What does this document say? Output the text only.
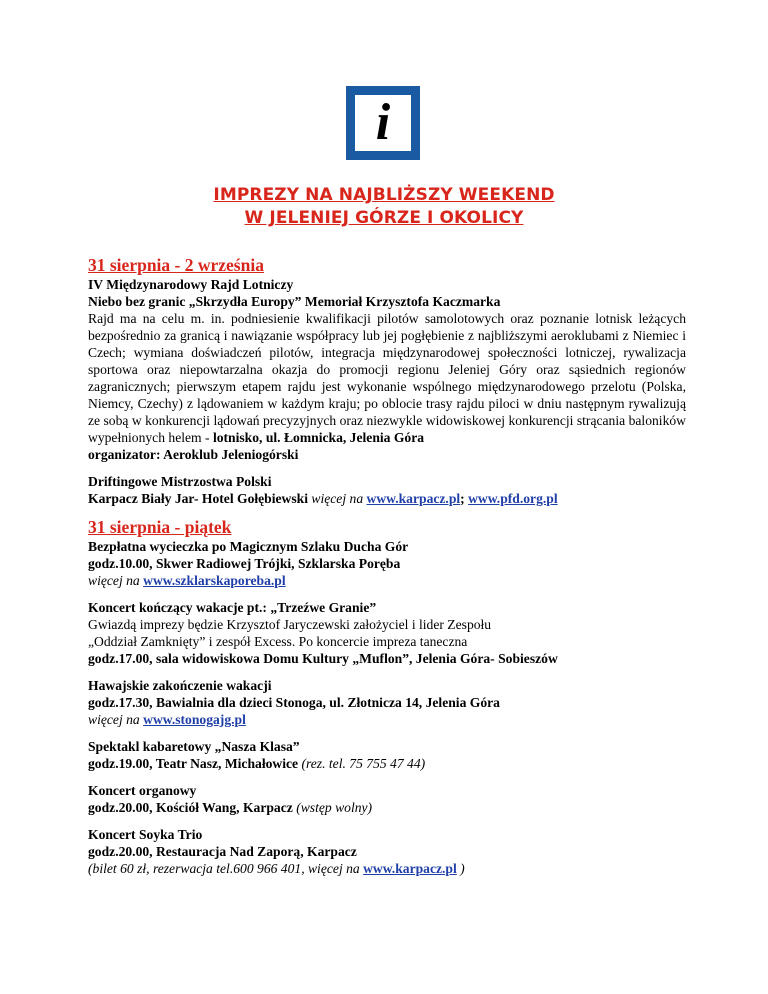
i
IMPREZY NA NAJBLIŻSZY WEEKEND
W JELENIEJ GÓRZE I OKOLICY
31 sierpnia - 2 września

IV Międzynarodowy Rajd Lotniczy

Niebo bez granic „Skrzydła Europy” Memoriał Krzysztofa Kaczmarka

Rajd ma na celu m. in. podniesienie kwalifikacji pilotów samolotowych oraz poznanie lotnisk leżących bezpośrednio za granicą i nawiązanie współpracy lub jej pogłębienie z najbliższymi aeroklubami z Niemiec i Czech; wymiana doświadczeń pilotów, integracja międzynarodowej społeczności lotniczej, rywalizacja sportowa oraz niepowtarzalna okazja do promocji regionu Jeleniej Góry oraz sąsiednich regionów zagranicznych; pierwszym etapem rajdu jest wykonanie wspólnego międzynarodowego przelotu (Polska, Niemcy, Czechy) z lądowaniem w każdym kraju; po oblocie trasy rajdu piloci w dniu następnym rywalizują ze sobą w konkurencji lądowań precyzyjnych oraz niezwykle widowiskowej konkurencji strącania baloników wypełnionych helem - lotnisko, ul. Łomnicka, Jelenia Góra

organizator: Aeroklub Jeleniogórski

Driftingowe Mistrzostwa Polski

Karpacz Biały Jar- Hotel Gołębiewski więcej na www.karpacz.pl; www.pfd.org.pl

31 sierpnia - piątek

Bezpłatna wycieczka po Magicznym Szlaku Ducha Gór

godz.10.00, Skwer Radiowej Trójki, Szklarska Poręba

więcej na www.szklarskaporeba.pl

Koncert kończący wakacje pt.: „Trzeźwe Granie”

Gwiazdą imprezy będzie Krzysztof Jaryczewski założyciel i lider Zespołu

„Oddział Zamknięty” i zespół Excess. Po koncercie impreza taneczna

godz.17.00, sala widowiskowa Domu Kultury „Muflon”, Jelenia Góra- Sobieszów

Hawajskie zakończenie wakacji

godz.17.30, Bawialnia dla dzieci Stonoga, ul. Złotnicza 14, Jelenia Góra

więcej na www.stonogajg.pl

Spektakl kabaretowy „Nasza Klasa”

godz.19.00, Teatr Nasz, Michałowice (rez. tel. 75 755 47 44)

Koncert organowy

godz.20.00, Kościół Wang, Karpacz (wstęp wolny)

Koncert Soyka Trio

godz.20.00, Restauracja Nad Zaporą, Karpacz

(bilet 60 zł, rezerwacja tel.600 966 401, więcej na www.karpacz.pl )
